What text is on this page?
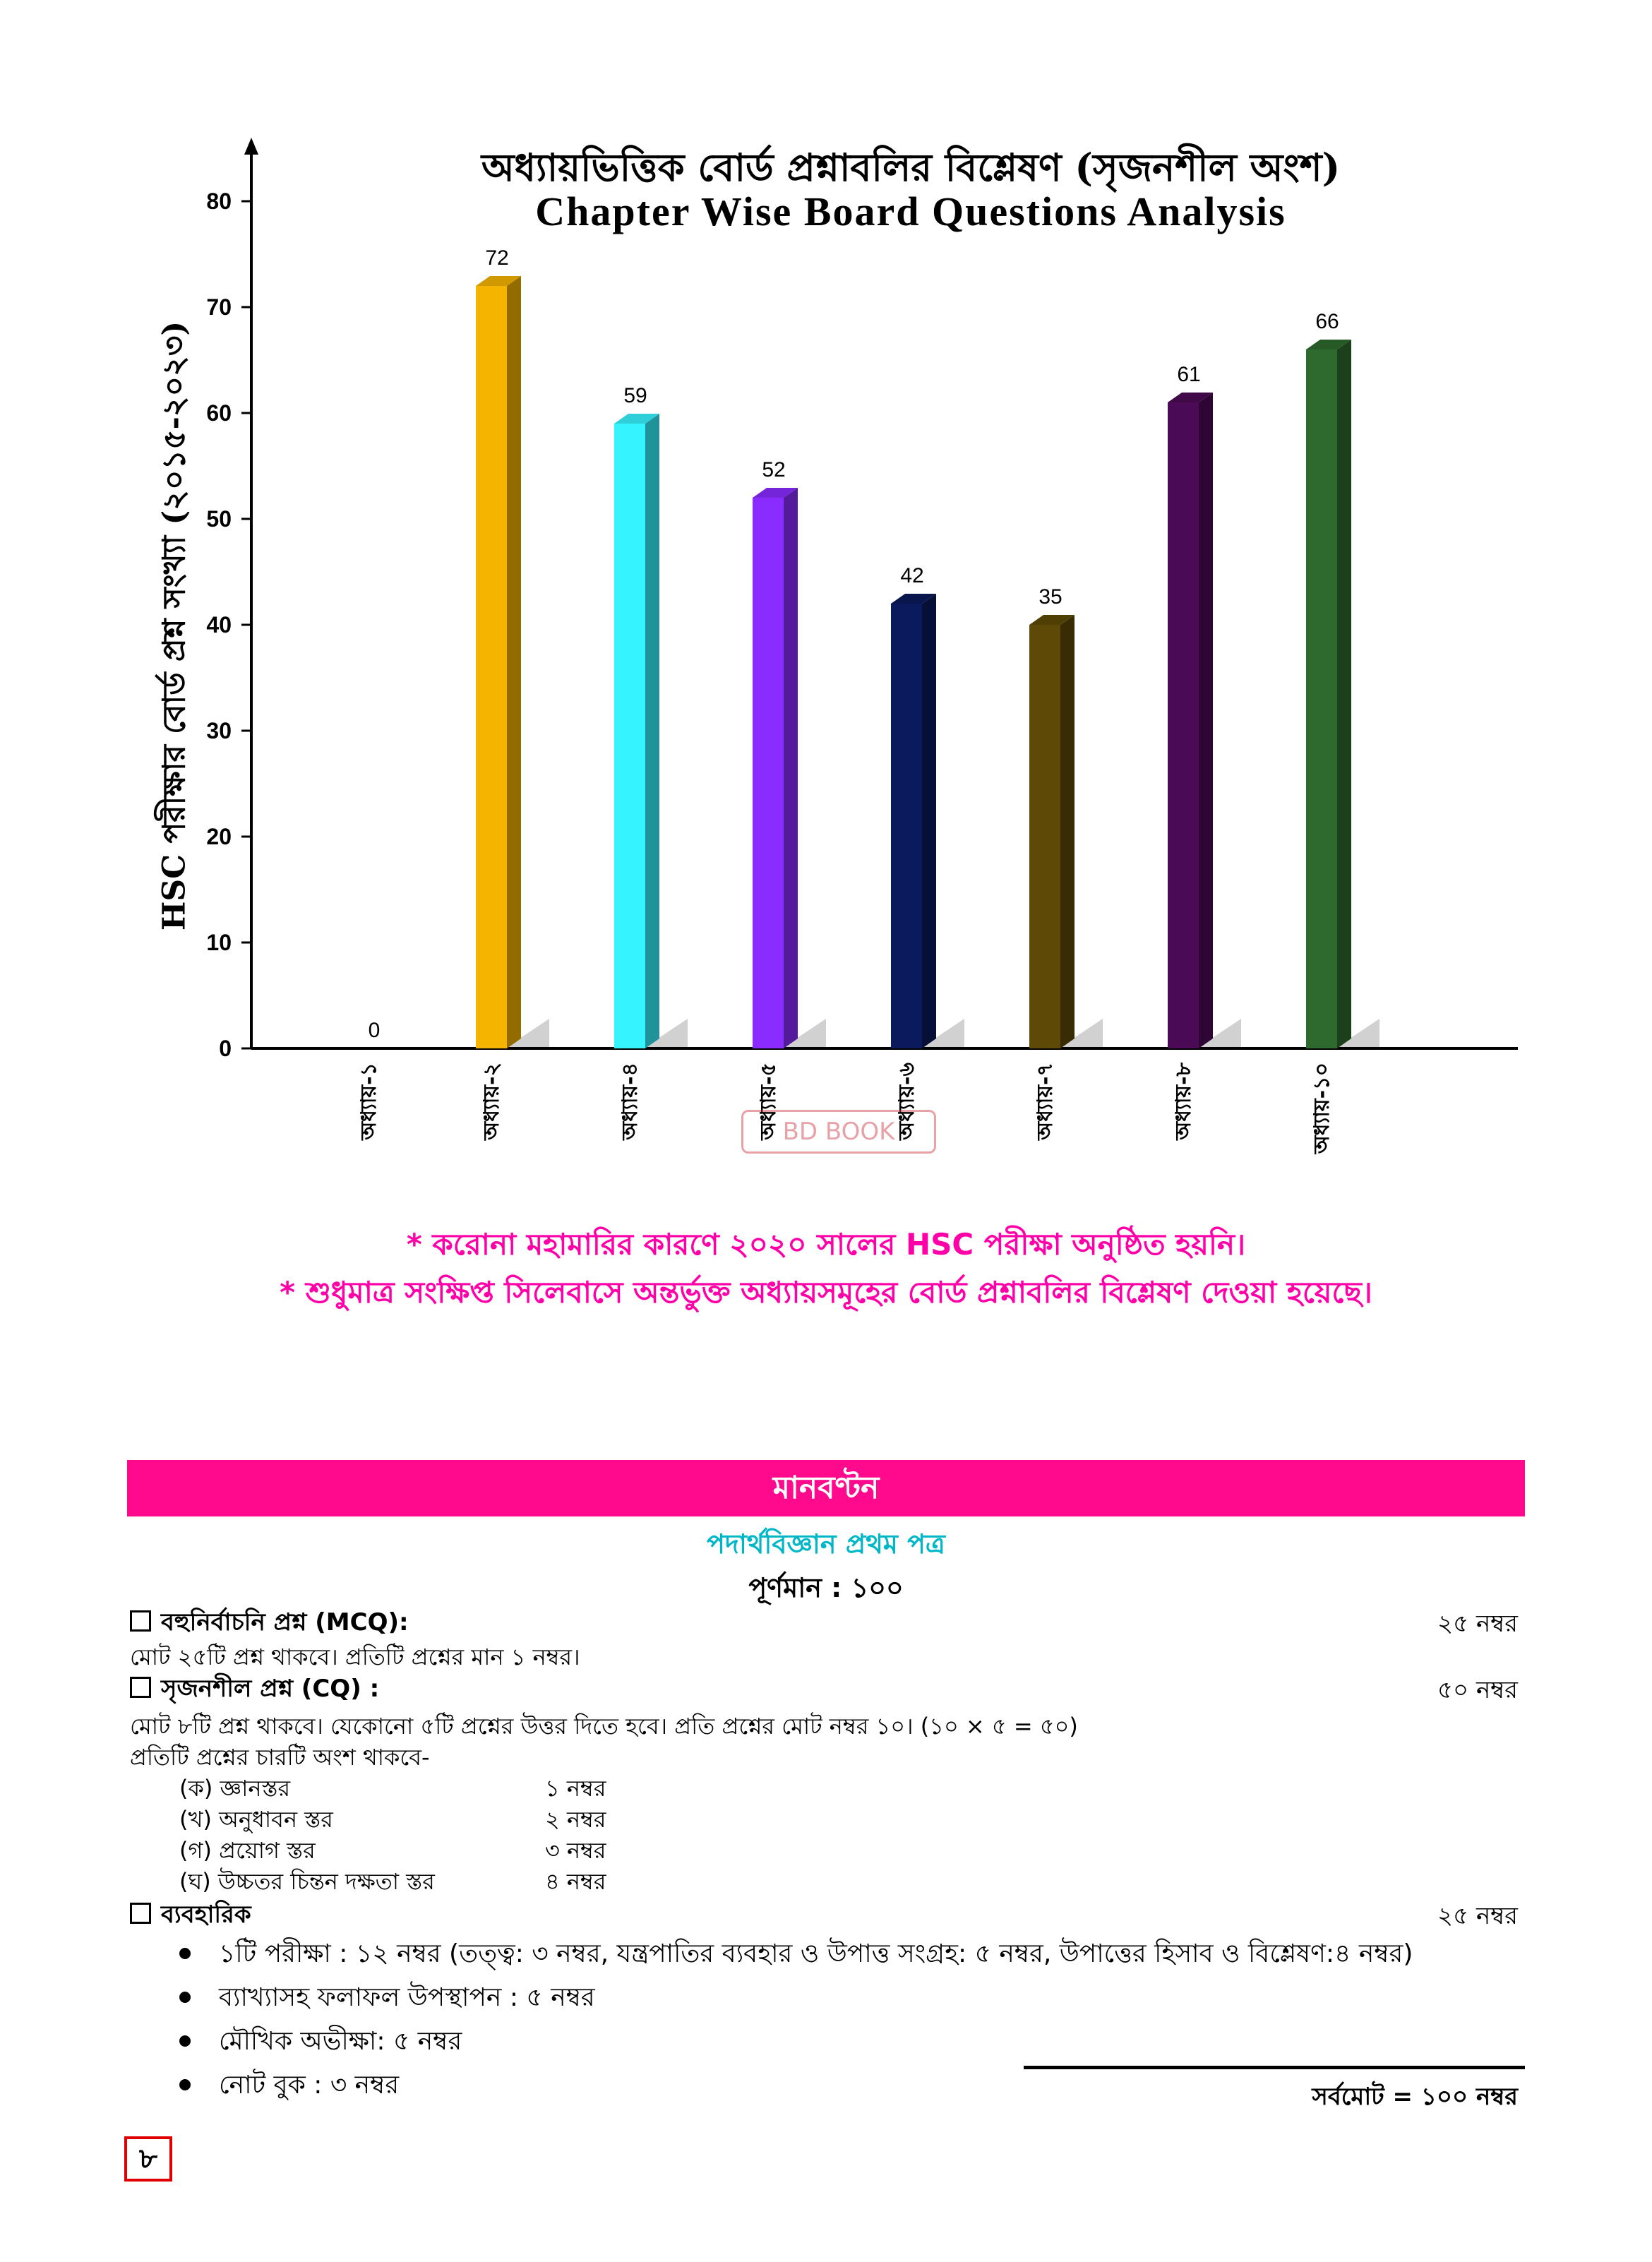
0
10
20
30
40
50
60
70
80
0
অধ্যায়-১
72
অধ্যায়-২
59
অধ্যায়-৪
52
অধ্যায়-৫
42
অধ্যায়-৬
35
অধ্যায়-৭
61
অধ্যায়-৮
66
অধ্যায়-১০
অধ্যায়ভিত্তিক বোর্ড প্রশ্নাবলির বিশ্লেষণ (সৃজনশীল অংশ)
Chapter Wise Board Questions Analysis
HSC পরীক্ষার বোর্ড প্রশ্ন সংখ্যা (২০১৫-২০২৩)
BD BOOK
* করোনা মহামারির কারণে ২০২০ সালের HSC পরীক্ষা অনুষ্ঠিত হয়নি।
* শুধুমাত্র সংক্ষিপ্ত সিলেবাসে অন্তর্ভুক্ত অধ্যায়সমূহের বোর্ড প্রশ্নাবলির বিশ্লেষণ দেওয়া হয়েছে।
মানবণ্টন
পদার্থবিজ্ঞান প্রথম পত্র
পূর্ণমান : ১০০
বহুনির্বাচনি প্রশ্ন (MCQ):	২৫ নম্বর
মোট ২৫টি প্রশ্ন থাকবে। প্রতিটি প্রশ্নের মান ১ নম্বর।
সৃজনশীল প্রশ্ন (CQ) :	৫০ নম্বর
মোট ৮টি প্রশ্ন থাকবে। যেকোনো ৫টি প্রশ্নের উত্তর দিতে হবে। প্রতি প্রশ্নের মোট নম্বর ১০। (১০ × ৫ = ৫০)
প্রতিটি প্রশ্নের চারটি অংশ থাকবে-
(ক) জ্ঞানস্তর	১ নম্বর
(খ) অনুধাবন স্তর	২ নম্বর
(গ) প্রয়োগ স্তর	৩ নম্বর
(ঘ) উচ্চতর চিন্তন দক্ষতা স্তর	৪ নম্বর
ব্যবহারিক	২৫ নম্বর
১টি পরীক্ষা : ১২ নম্বর (তত্ত্ব: ৩ নম্বর, যন্ত্রপাতির ব্যবহার ও উপাত্ত সংগ্রহ: ৫ নম্বর, উপাত্তের হিসাব ও বিশ্লেষণ:৪ নম্বর)
ব্যাখ্যাসহ ফলাফল উপস্থাপন : ৫ নম্বর
মৌখিক অভীক্ষা: ৫ নম্বর
নোট বুক : ৩ নম্বর	সর্বমোট = ১০০ নম্বর
৮
